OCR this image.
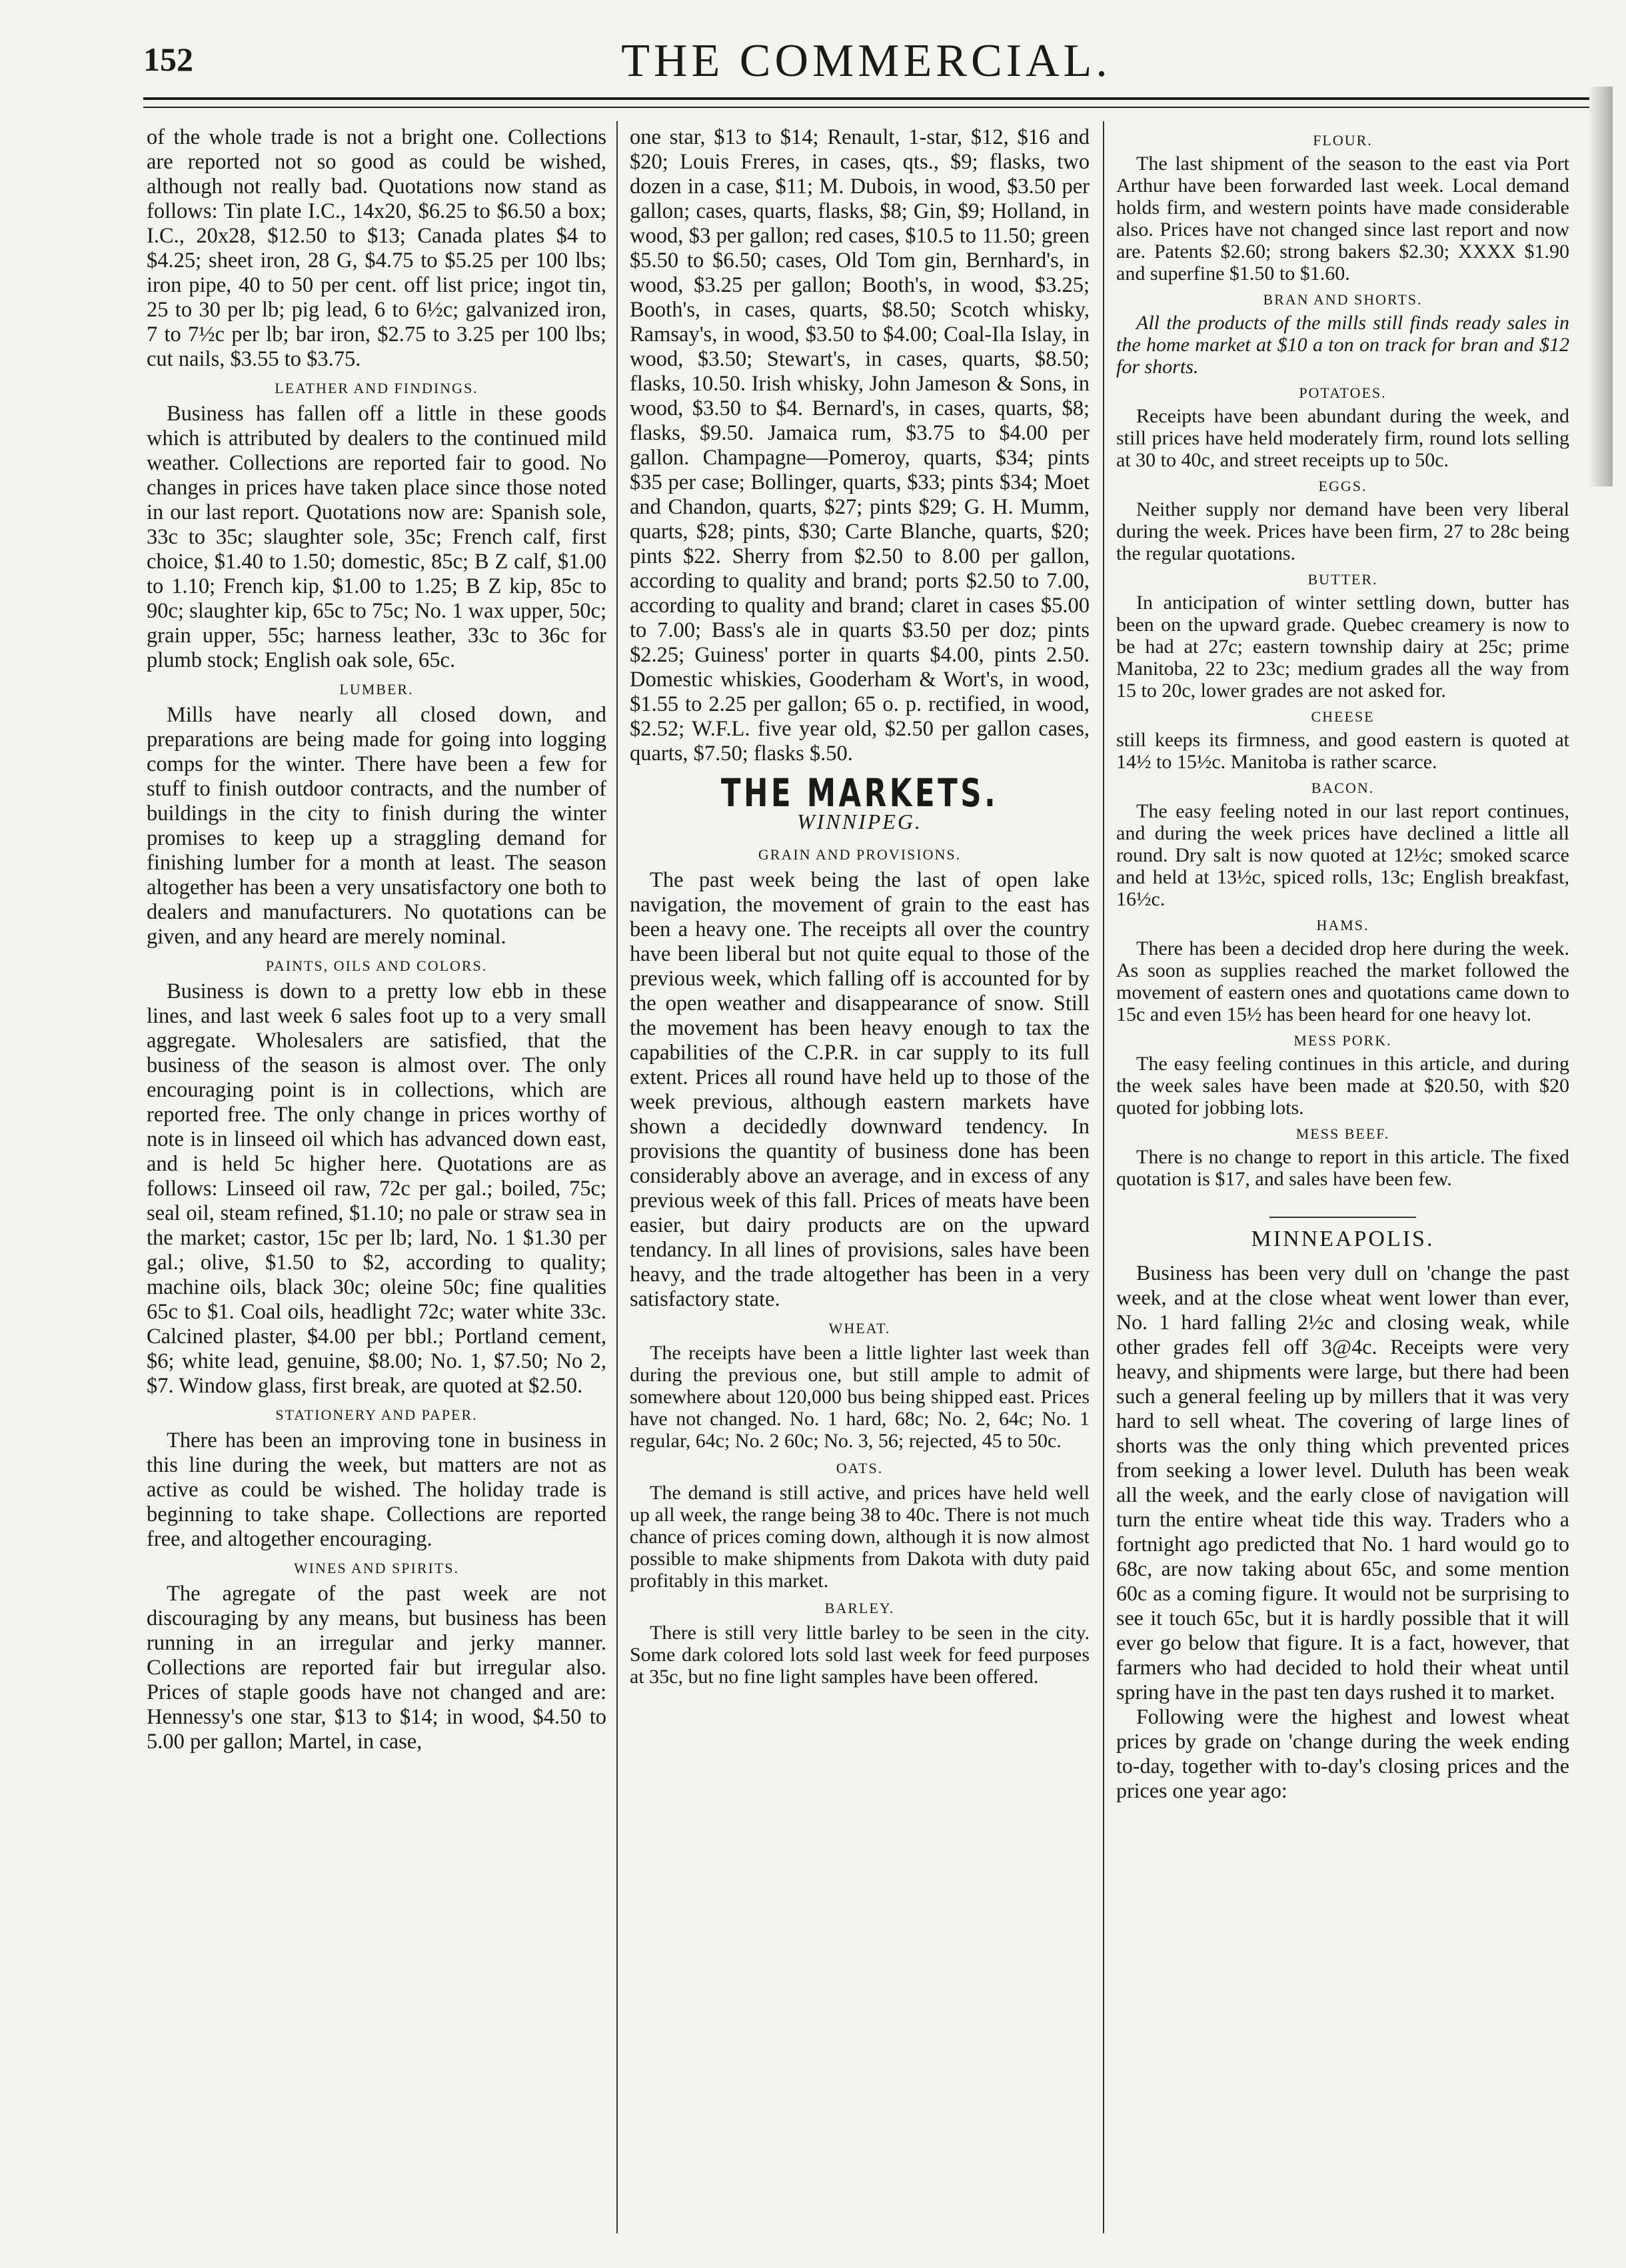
152	THE COMMERCIAL.

of the whole trade is not a bright one. Collections are reported not so good as could be wished, although not really bad. Quotations now stand as follows: Tin plate I.C., 14x20, $6.25 to $6.50 a box; I.C., 20x28, $12.50 to $13; Canada plates $4 to $4.25; sheet iron, 28 G, $4.75 to $5.25 per 100 lbs; iron pipe, 40 to 50 per cent. off list price; ingot tin, 25 to 30 per lb; pig lead, 6 to 6½c; galvanized iron, 7 to 7½c per lb; bar iron, $2.75 to 3.25 per 100 lbs; cut nails, $3.55 to $3.75.

LEATHER AND FINDINGS.

Business has fallen off a little in these goods which is attributed by dealers to the continued mild weather. Collections are reported fair to good. No changes in prices have taken place since those noted in our last report. Quotations now are: Spanish sole, 33c to 35c; slaughter sole, 35c; French calf, first choice, $1.40 to 1.50; domestic, 85c; B Z calf, $1.00 to 1.10; French kip, $1.00 to 1.25; B Z kip, 85c to 90c; slaughter kip, 65c to 75c; No. 1 wax upper, 50c; grain upper, 55c; harness leather, 33c to 36c for plumb stock; English oak sole, 65c.

LUMBER.

Mills have nearly all closed down, and preparations are being made for going into logging comps for the winter. There have been a few for stuff to finish outdoor contracts, and the number of buildings in the city to finish during the winter promises to keep up a straggling demand for finishing lumber for a month at least. The season altogether has been a very unsatisfactory one both to dealers and manufacturers. No quotations can be given, and any heard are merely nominal.

PAINTS, OILS AND COLORS.

Business is down to a pretty low ebb in these lines, and last week 6 sales foot up to a very small aggregate. Wholesalers are satisfied, that the business of the season is almost over. The only encouraging point is in collections, which are reported free. The only change in prices worthy of note is in linseed oil which has advanced down east, and is held 5c higher here. Quotations are as follows: Linseed oil raw, 72c per gal.; boiled, 75c; seal oil, steam refined, $1.10; no pale or straw sea in the market; castor, 15c per lb; lard, No. 1 $1.30 per gal.; olive, $1.50 to $2, according to quality; machine oils, black 30c; oleine 50c; fine qualities 65c to $1. Coal oils, headlight 72c; water white 33c. Calcined plaster, $4.00 per bbl.; Portland cement, $6; white lead, genuine, $8.00; No. 1, $7.50; No 2, $7. Window glass, first break, are quoted at $2.50.

STATIONERY AND PAPER.

There has been an improving tone in business in this line during the week, but matters are not as active as could be wished. The holiday trade is beginning to take shape. Collections are reported free, and altogether encouraging.

WINES AND SPIRITS.

The agregate of the past week are not discouraging by any means, but business has been running in an irregular and jerky manner. Collections are reported fair but irregular also. Prices of staple goods have not changed and are: Hennessy's one star, $13 to $14; in wood, $4.50 to 5.00 per gallon; Martel, in case,

one star, $13 to $14; Renault, 1-star, $12, $16 and $20; Louis Freres, in cases, qts., $9; flasks, two dozen in a case, $11; M. Dubois, in wood, $3.50 per gallon; cases, quarts, flasks, $8; Gin, $9; Holland, in wood, $3 per gallon; red cases, $10.5 to 11.50; green $5.50 to $6.50; cases, Old Tom gin, Bernhard's, in wood, $3.25 per gallon; Booth's, in wood, $3.25; Booth's, in cases, quarts, $8.50; Scotch whisky, Ramsay's, in wood, $3.50 to $4.00; Coal-Ila Islay, in wood, $3.50; Stewart's, in cases, quarts, $8.50; flasks, 10.50. Irish whisky, John Jameson & Sons, in wood, $3.50 to $4. Bernard's, in cases, quarts, $8; flasks, $9.50. Jamaica rum, $3.75 to $4.00 per gallon. Champagne—Pomeroy, quarts, $34; pints $35 per case; Bollinger, quarts, $33; pints $34; Moet and Chandon, quarts, $27; pints $29; G. H. Mumm, quarts, $28; pints, $30; Carte Blanche, quarts, $20; pints $22. Sherry from $2.50 to 8.00 per gallon, according to quality and brand; ports $2.50 to 7.00, according to quality and brand; claret in cases $5.00 to 7.00; Bass's ale in quarts $3.50 per doz; pints $2.25; Guiness' porter in quarts $4.00, pints 2.50. Domestic whiskies, Gooderham & Wort's, in wood, $1.55 to 2.25 per gallon; 65 o. p. rectified, in wood, $2.52; W.F.L. five year old, $2.50 per gallon cases, quarts, $7.50; flasks $.50.

THE MARKETS.
WINNIPEG.
GRAIN AND PROVISIONS.

The past week being the last of open lake navigation, the movement of grain to the east has been a heavy one. The receipts all over the country have been liberal but not quite equal to those of the previous week, which falling off is accounted for by the open weather and disappearance of snow. Still the movement has been heavy enough to tax the capabilities of the C.P.R. in car supply to its full extent. Prices all round have held up to those of the week previous, although eastern markets have shown a decidedly downward tendency. In provisions the quantity of business done has been considerably above an average, and in excess of any previous week of this fall. Prices of meats have been easier, but dairy products are on the upward tendancy. In all lines of provisions, sales have been heavy, and the trade altogether has been in a very satisfactory state.

WHEAT.

The receipts have been a little lighter last week than during the previous one, but still ample to admit of somewhere about 120,000 bus being shipped east. Prices have not changed. No. 1 hard, 68c; No. 2, 64c; No. 1 regular, 64c; No. 2 60c; No. 3, 56; rejected, 45 to 50c.

OATS.

The demand is still active, and prices have held well up all week, the range being 38 to 40c. There is not much chance of prices coming down, although it is now almost possible to make shipments from Dakota with duty paid profitably in this market.

BARLEY.

There is still very little barley to be seen in the city. Some dark colored lots sold last week for feed purposes at 35c, but no fine light samples have been offered.

FLOUR.

The last shipment of the season to the east via Port Arthur have been forwarded last week. Local demand holds firm, and western points have made considerable also. Prices have not changed since last report and now are. Patents $2.60; strong bakers $2.30; XXXX $1.90 and superfine $1.50 to $1.60.

BRAN AND SHORTS.

All the products of the mills still finds ready sales in the home market at $10 a ton on track for bran and $12 for shorts.

POTATOES.

Receipts have been abundant during the week, and still prices have held moderately firm, round lots selling at 30 to 40c, and street receipts up to 50c.

EGGS.

Neither supply nor demand have been very liberal during the week. Prices have been firm, 27 to 28c being the regular quotations.

BUTTER.

In anticipation of winter settling down, butter has been on the upward grade. Quebec creamery is now to be had at 27c; eastern township dairy at 25c; prime Manitoba, 22 to 23c; medium grades all the way from 15 to 20c, lower grades are not asked for.

CHEESE

still keeps its firmness, and good eastern is quoted at 14½ to 15½c. Manitoba is rather scarce.

BACON.

The easy feeling noted in our last report continues, and during the week prices have declined a little all round. Dry salt is now quoted at 12½c; smoked scarce and held at 13½c, spiced rolls, 13c; English breakfast, 16½c.

HAMS.

There has been a decided drop here during the week. As soon as supplies reached the market followed the movement of eastern ones and quotations came down to 15c and even 15½ has been heard for one heavy lot.

MESS PORK.

The easy feeling continues in this article, and during the week sales have been made at $20.50, with $20 quoted for jobbing lots.

MESS BEEF.

There is no change to report in this article. The fixed quotation is $17, and sales have been few.

MINNEAPOLIS.

Business has been very dull on 'change the past week, and at the close wheat went lower than ever, No. 1 hard falling 2½c and closing weak, while other grades fell off 3@4c. Receipts were very heavy, and shipments were large, but there had been such a general feeling up by millers that it was very hard to sell wheat. The covering of large lines of shorts was the only thing which prevented prices from seeking a lower level. Duluth has been weak all the week, and the early close of navigation will turn the entire wheat tide this way. Traders who a fortnight ago predicted that No. 1 hard would go to 68c, are now taking about 65c, and some mention 60c as a coming figure. It would not be surprising to see it touch 65c, but it is hardly possible that it will ever go below that figure. It is a fact, however, that farmers who had decided to hold their wheat until spring have in the past ten days rushed it to market.

Following were the highest and lowest wheat prices by grade on 'change during the week ending to-day, together with to-day's closing prices and the prices one year ago:
